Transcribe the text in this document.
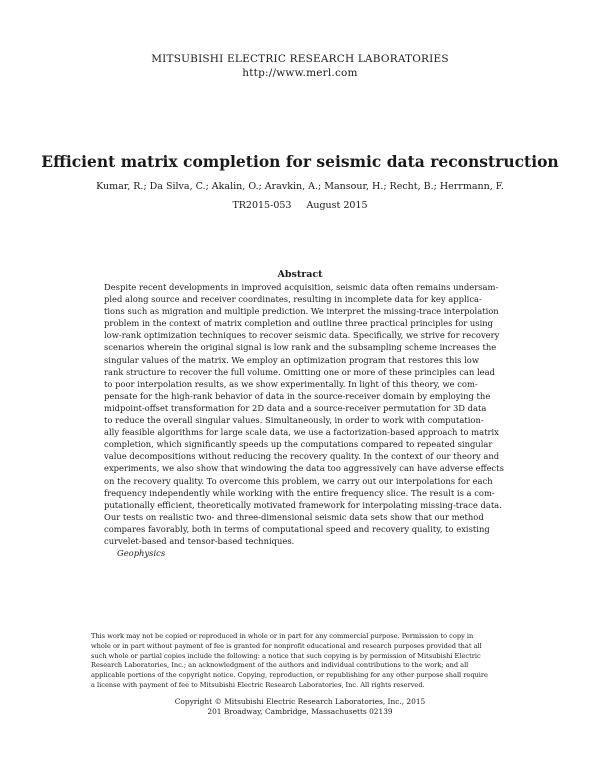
MITSUBISHI ELECTRIC RESEARCH LABORATORIES
http://www.merl.com
Efficient matrix completion for seismic data reconstruction
Kumar, R.; Da Silva, C.; Akalin, O.; Aravkin, A.; Mansour, H.; Recht, B.; Herrmann, F.
TR2015-053 August 2015
Abstract
Despite recent developments in improved acquisition, seismic data often remains undersam-
pled along source and receiver coordinates, resulting in incomplete data for key applica-
tions such as migration and multiple prediction. We interpret the missing-trace interpolation
problem in the context of matrix completion and outline three practical principles for using
low-rank optimization techniques to recover seismic data. Specifically, we strive for recovery
scenarios wherein the original signal is low rank and the subsampling scheme increases the
singular values of the matrix. We employ an optimization program that restores this low
rank structure to recover the full volume. Omitting one or more of these principles can lead
to poor interpolation results, as we show experimentally. In light of this theory, we com-
pensate for the high-rank behavior of data in the source-receiver domain by employing the
midpoint-offset transformation for 2D data and a source-receiver permutation for 3D data
to reduce the overall singular values. Simultaneously, in order to work with computation-
ally feasible algorithms for large scale data, we use a factorization-based approach to matrix
completion, which significantly speeds up the computations compared to repeated singular
value decompositions without reducing the recovery quality. In the context of our theory and
experiments, we also show that windowing the data too aggressively can have adverse effects
on the recovery quality. To overcome this problem, we carry out our interpolations for each
frequency independently while working with the entire frequency slice. The result is a com-
putationally efficient, theoretically motivated framework for interpolating missing-trace data.
Our tests on realistic two- and three-dimensional seismic data sets show that our method
compares favorably, both in terms of computational speed and recovery quality, to existing
curvelet-based and tensor-based techniques.
Geophysics
This work may not be copied or reproduced in whole or in part for any commercial purpose. Permission to copy in
whole or in part without payment of fee is granted for nonprofit educational and research purposes provided that all
such whole or partial copies include the following: a notice that such copying is by permission of Mitsubishi Electric
Research Laboratories, Inc.; an acknowledgment of the authors and individual contributions to the work; and all
applicable portions of the copyright notice. Copying, reproduction, or republishing for any other purpose shall require
a license with payment of fee to Mitsubishi Electric Research Laboratories, Inc. All rights reserved.
Copyright © Mitsubishi Electric Research Laboratories, Inc., 2015
201 Broadway, Cambridge, Massachusetts 02139
